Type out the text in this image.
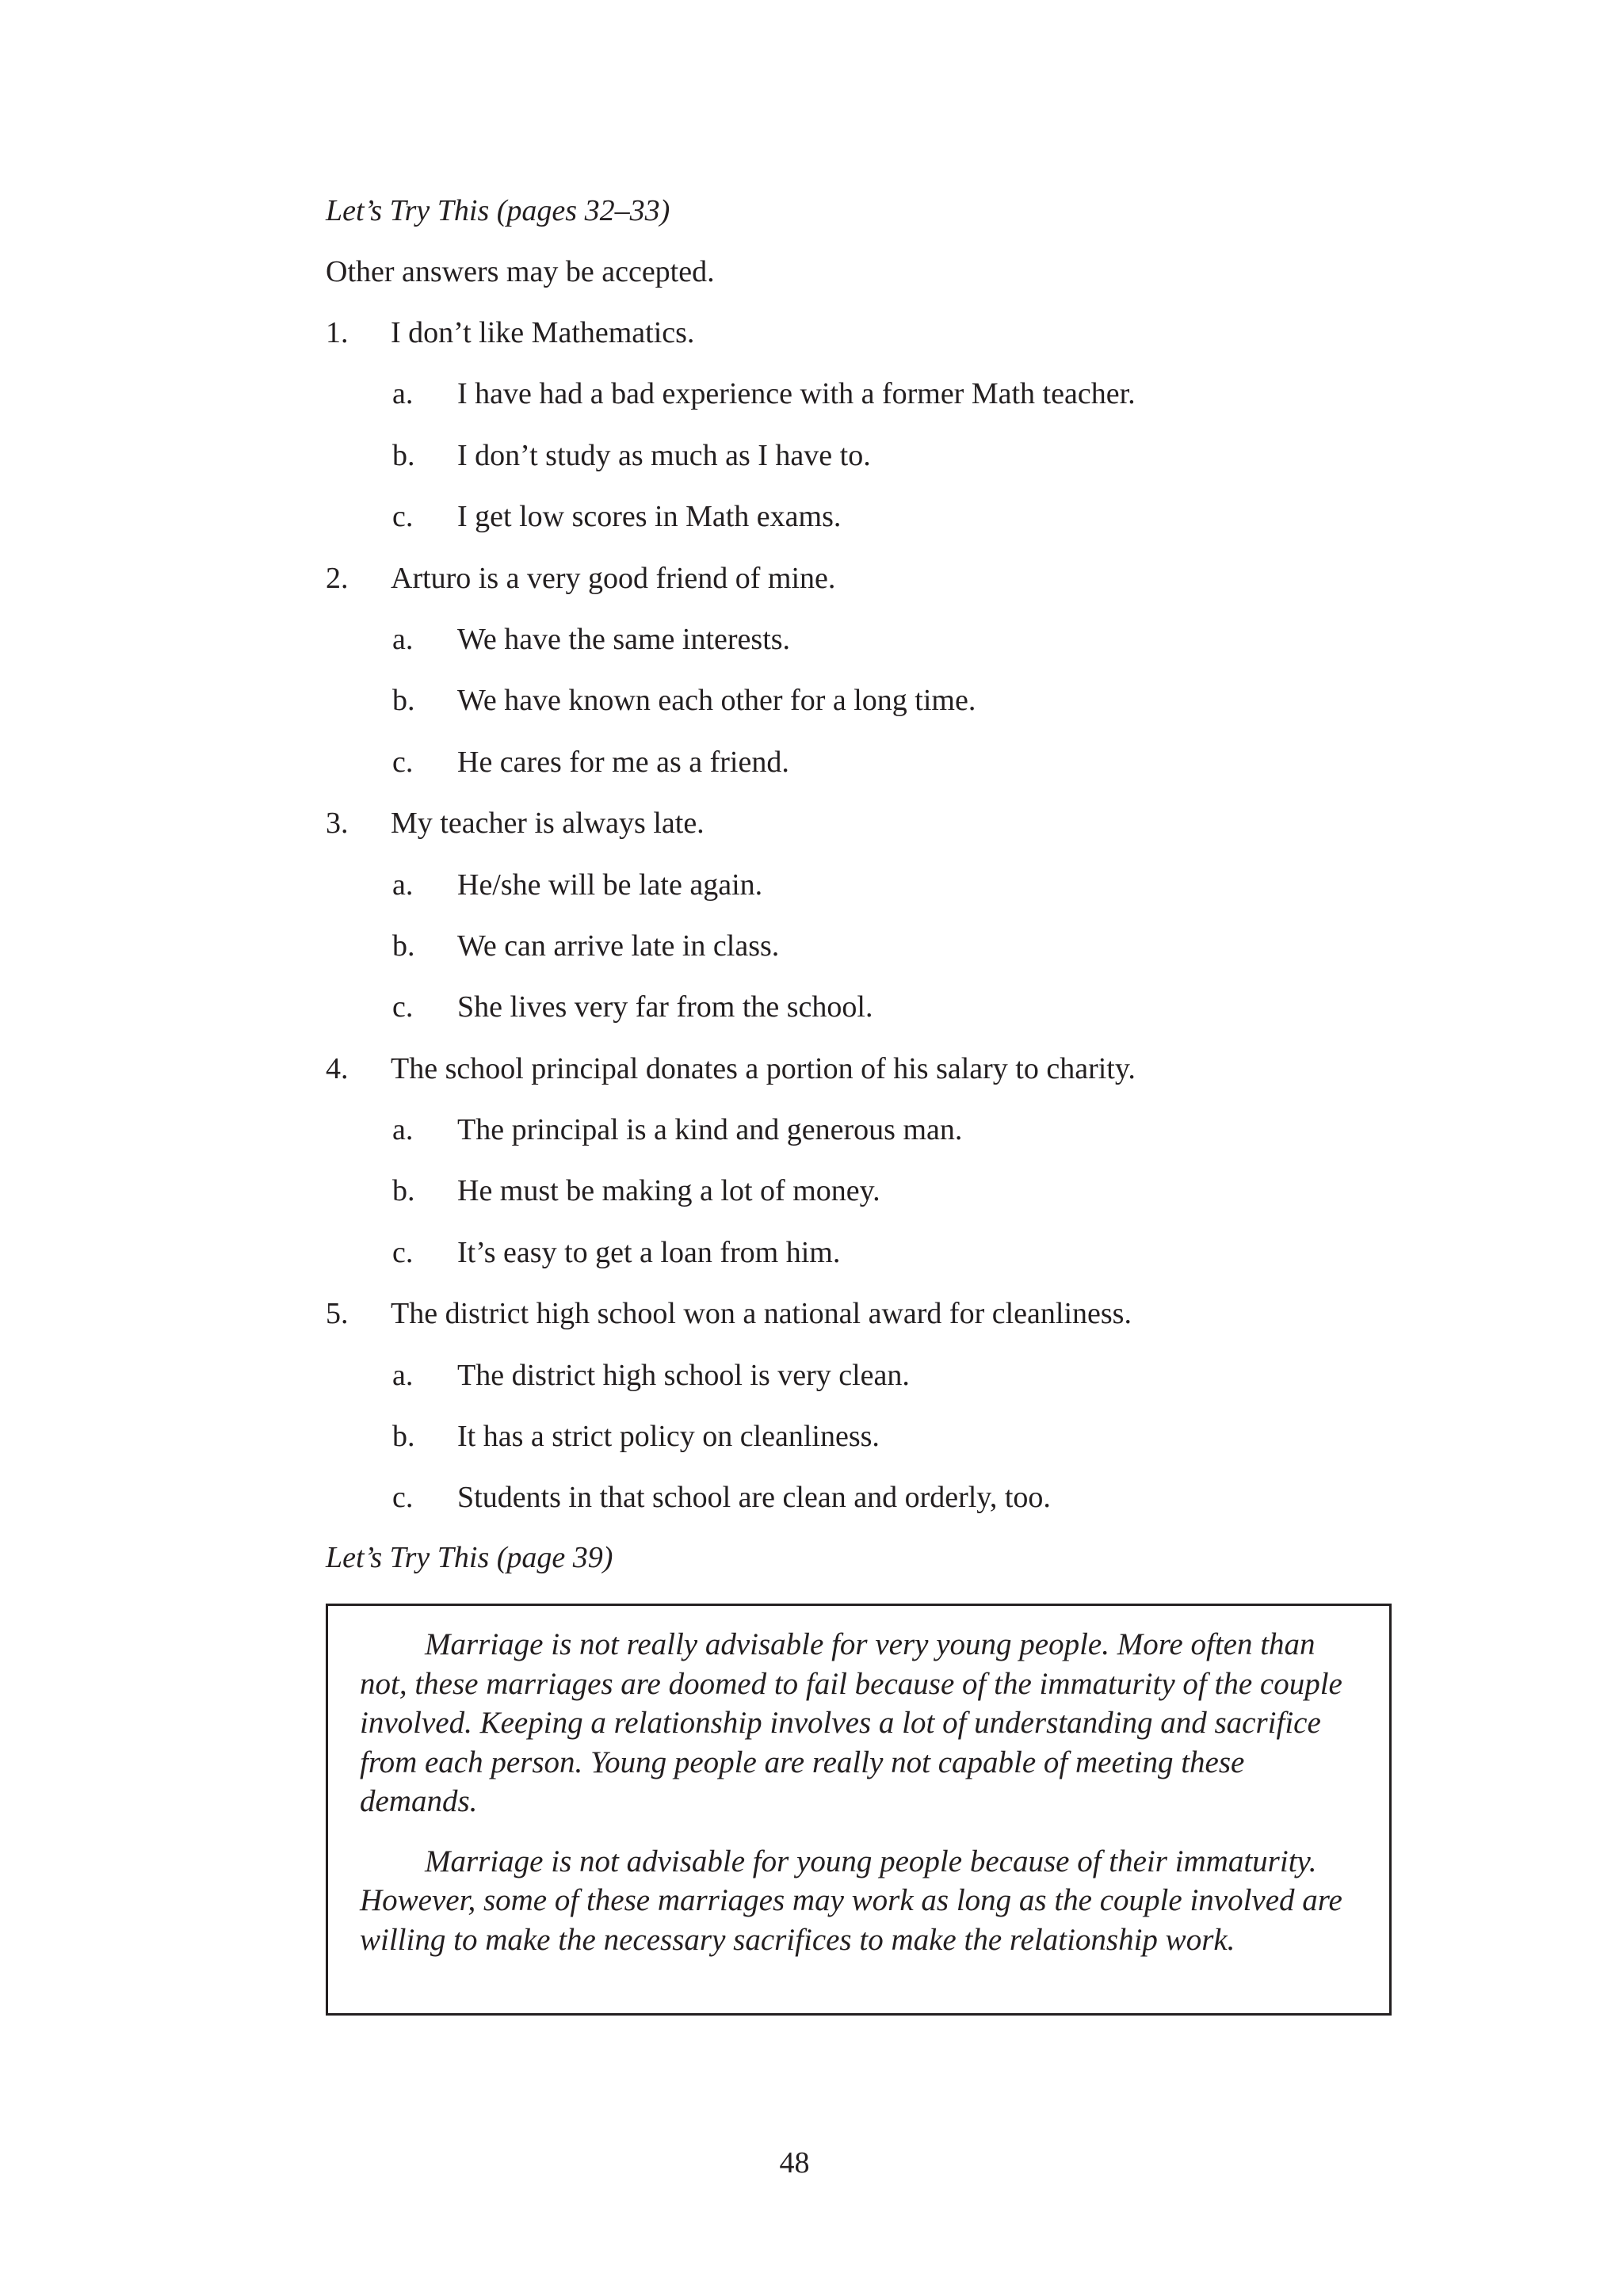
Let’s Try This (pages 32–33)
Other answers may be accepted.
1. I don’t like Mathematics.
a. I have had a bad experience with a former Math teacher.
b. I don’t study as much as I have to.
c. I get low scores in Math exams.
2. Arturo is a very good friend of mine.
a. We have the same interests.
b. We have known each other for a long time.
c. He cares for me as a friend.
3. My teacher is always late.
a. He/she will be late again.
b. We can arrive late in class.
c. She lives very far from the school.
4. The school principal donates a portion of his salary to charity.
a. The principal is a kind and generous man.
b. He must be making a lot of money.
c. It’s easy to get a loan from him.
5. The district high school won a national award for cleanliness.
a. The district high school is very clean.
b. It has a strict policy on cleanliness.
c. Students in that school are clean and orderly, too.
Let’s Try This (page 39)

Marriage is not really advisable for very young people. More often than not, these marriages are doomed to fail because of the immaturity of the couple involved. Keeping a relationship involves a lot of understanding and sacrifice from each person. Young people are really not capable of meeting these demands.

Marriage is not advisable for young people because of their immaturity. However, some of these marriages may work as long as the couple involved are willing to make the necessary sacrifices to make the relationship work.

48
